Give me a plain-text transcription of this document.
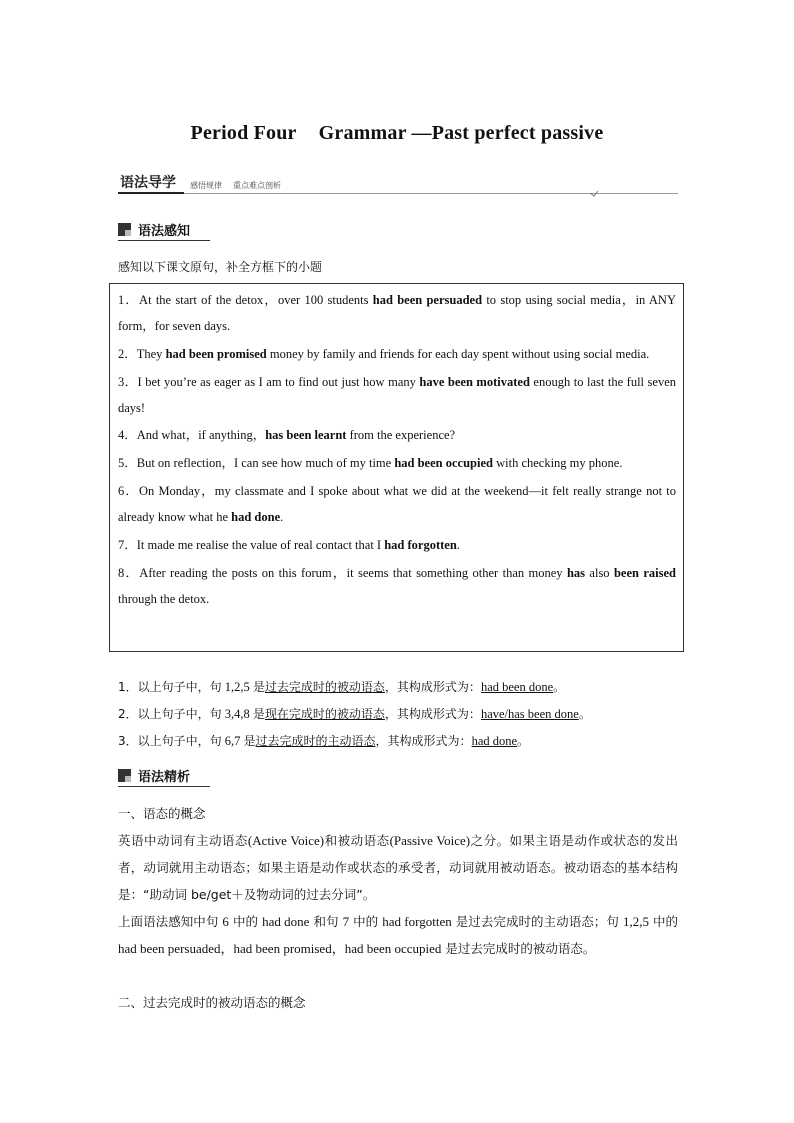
Period Four Grammar —Past perfect passive
语法导学 感悟规律 重点难点剖析
语法感知
感知以下课文原句，补全方框下的小题

1．At the start of the detox，over 100 students had been persuaded to stop using social media，in ANY form，for seven days.

2．They had been promised money by family and friends for each day spent without using social media.

3．I bet you’re as eager as I am to find out just how many have been motivated enough to last the full seven days!

4．And what，if anything，has been learnt from the experience?

5．But on reflection，I can see how much of my time had been occupied with checking my phone.

6．On Monday，my classmate and I spoke about what we did at the weekend—it felt really strange not to already know what he had done.

7．It made me realise the value of real contact that I had forgotten.

8．After reading the posts on this forum，it seems that something other than money has also been raised through the detox.

1．以上句子中，句 1,2,5 是过去完成时的被动语态，其构成形式为：had been done。
2．以上句子中，句 3,4,8 是现在完成时的被动语态，其构成形式为：have/has been done。
3．以上句子中，句 6,7 是过去完成时的主动语态，其构成形式为：had done。
语法精析
一、语态的概念
英语中动词有主动语态(Active Voice)和被动语态(Passive Voice)之分。如果主语是动作或状态的发出者，动词就用主动语态；如果主语是动作或状态的承受者，动词就用被动语态。被动语态的基本结构是：“助动词 be/get＋及物动词的过去分词”。
上面语法感知中句 6 中的 had done 和句 7 中的 had forgotten 是过去完成时的主动语态；句 1,2,5 中的 had been persuaded，had been promised，had been occupied 是过去完成时的被动语态。
二、过去完成时的被动语态的概念
